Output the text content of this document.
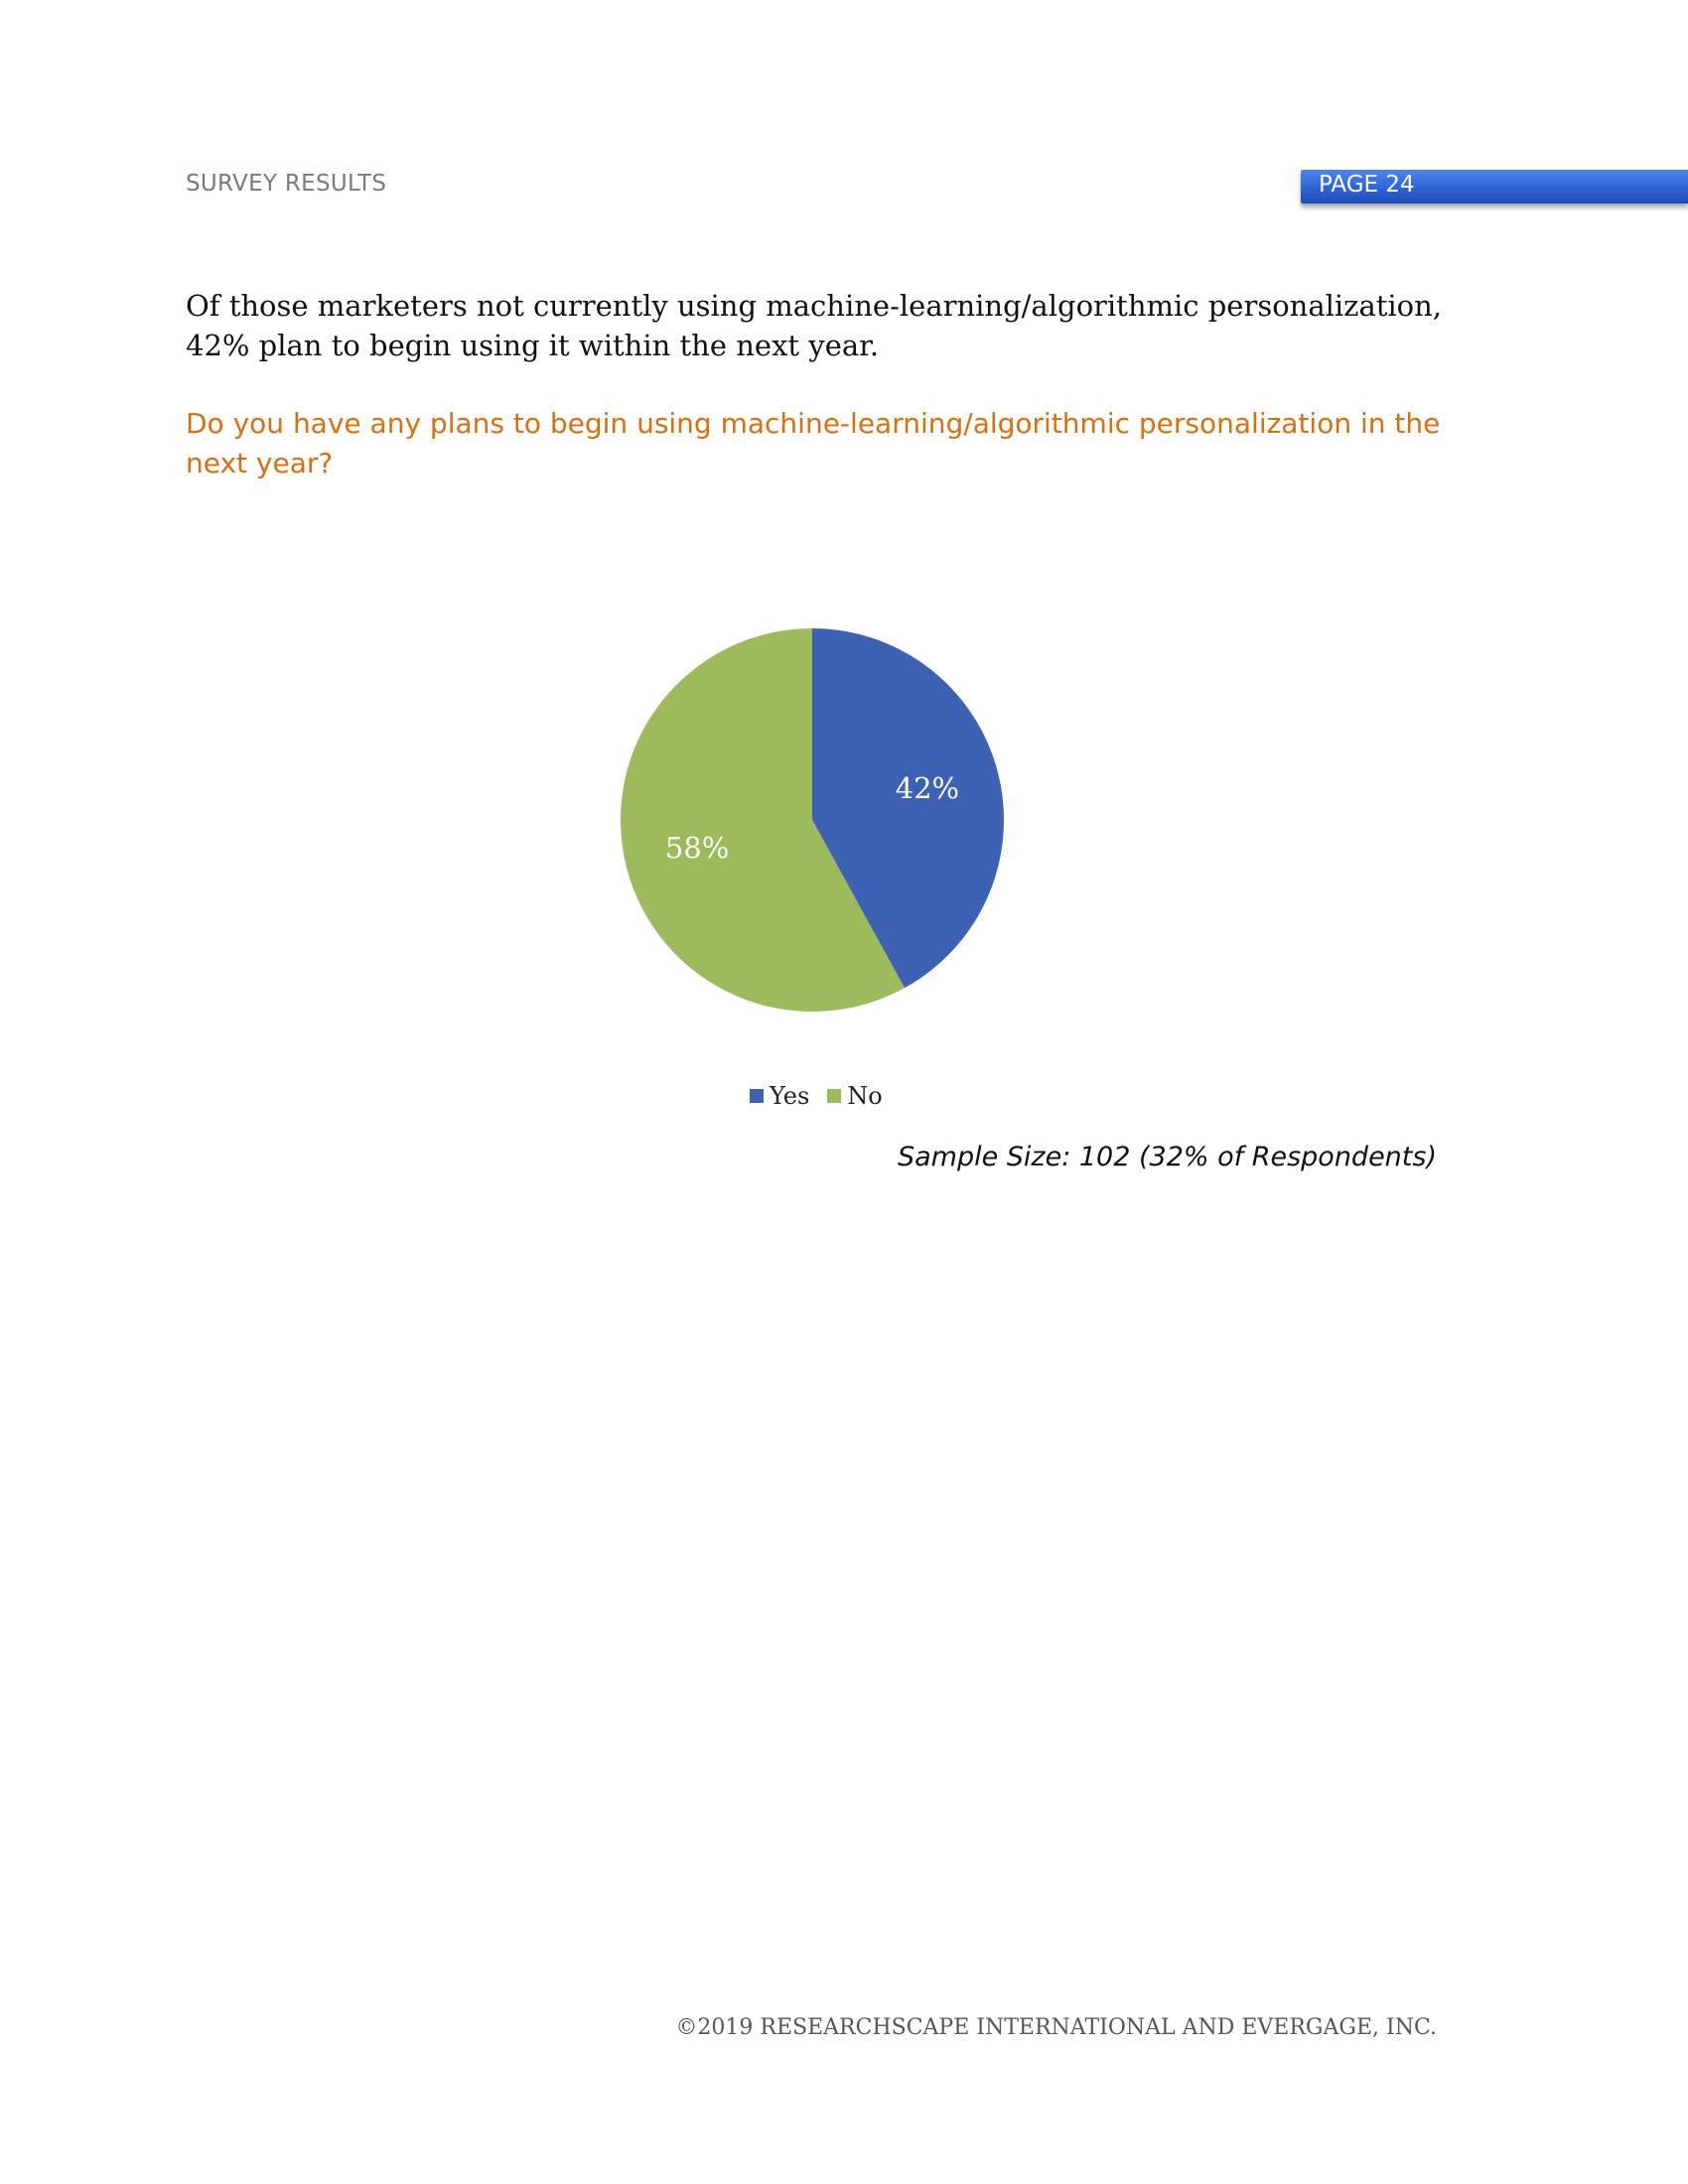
SURVEY RESULTS	PAGE 24
Of those marketers not currently using machine-learning/algorithmic personalization, 42% plan to begin using it within the next year.
Do you have any plans to begin using machine-learning/algorithmic personalization in the next year?
42%
58%
Yes No
Sample Size: 102 (32% of Respondents)
©2019 RESEARCHSCAPE INTERNATIONAL AND EVERGAGE, INC.
